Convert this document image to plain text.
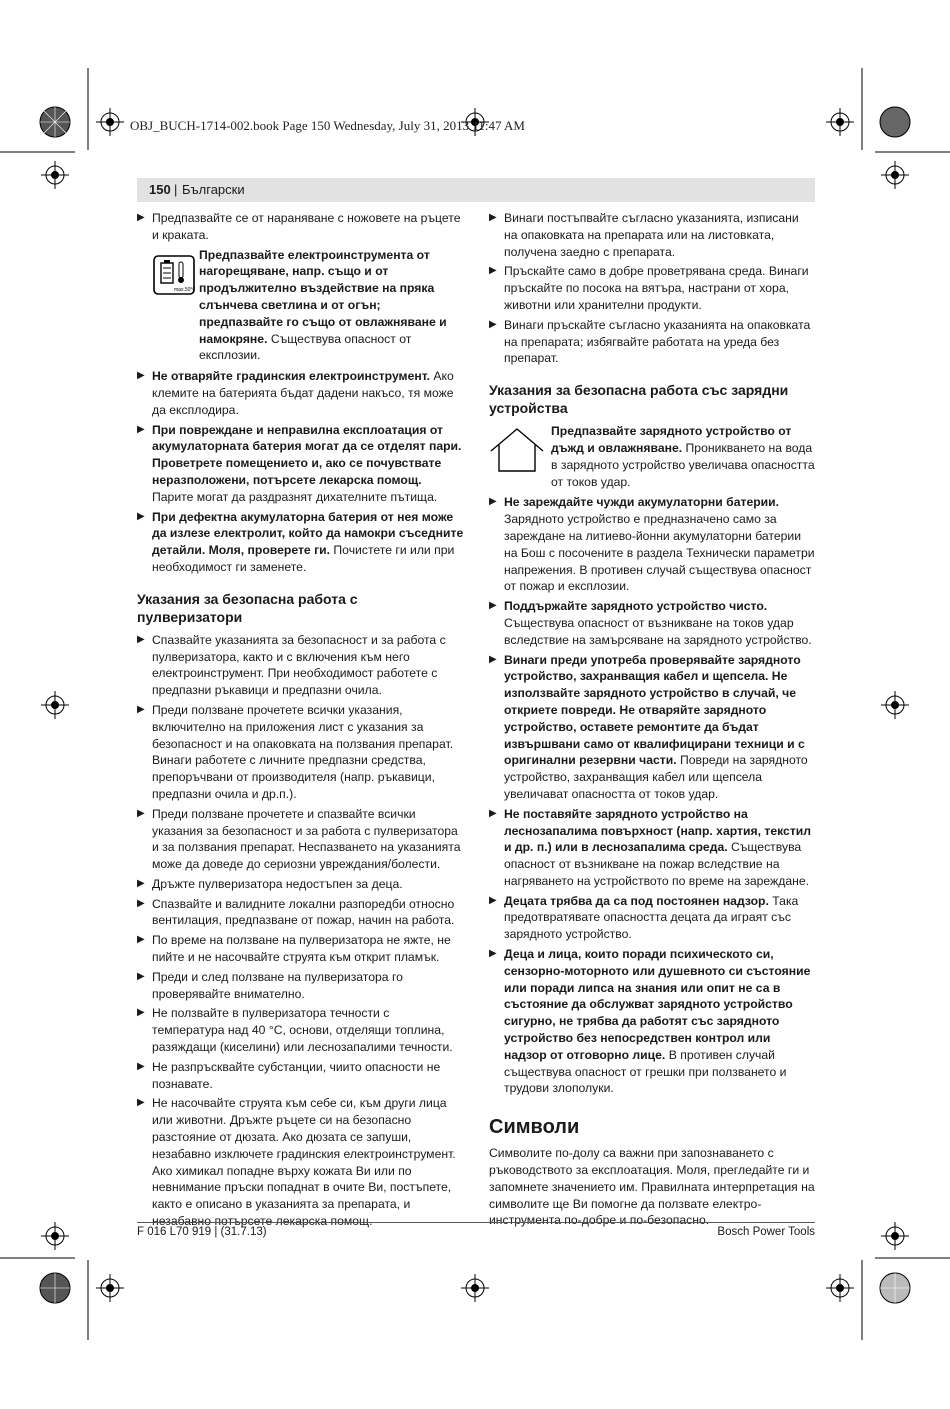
OBJ_BUCH-1714-002.book Page 150 Wednesday, July 31, 2013 11:47 AM
150 | Български
▶ Предпазвайте се от нараняване с ножовете на ръцете и краката.
max.50°C

Предпазвайте електроинструмента от нагорещяване, напр. също и от продължително въздействие на пряка слънчева светлина и от огън; предпазвайте го също от овлажняване и намокряне. Съществува опасност от експлозии.

▶ Не отваряйте градинския електроинструмент. Ако клемите на батерията бъдат дадени накъсо, тя може да експлодира.
▶ При повреждане и неправилна експлоатация от акумулаторната батерия могат да се отделят пари. Проветрете помещението и, ако се почувствате неразположени, потърсете лекарска помощ. Парите могат да раздразнят дихателните пътища.
▶ При дефектна акумулаторна батерия от нея може да излезе електролит, който да намокри съседните детайли. Моля, проверете ги. Почистете ги или при необходимост ги заменете.
Указания за безопасна работа с пулверизатори
▶ Спазвайте указанията за безопасност и за работа с пулверизатора, както и с включения към него електроинструмент. При необходимост работете с предпазни ръкавици и предпазни очила.
▶ Преди ползване прочетете всички указания, включително на приложения лист с указания за безопасност и на опаковката на ползвания препарат. Винаги работете с личните предпазни средства, препоръчвани от производителя (напр. ръкавици, предпазни очила и др.п.).
▶ Преди ползване прочетете и спазвайте всички указания за безопасност и за работа с пулверизатора и за ползвания препарат. Неспазването на указанията може да доведе до сериозни увреждания/болести.
▶ Дръжте пулверизатора недостъпен за деца.
▶ Спазвайте и валидните локални разпоредби относно вентилация, предпазване от пожар, начин на работа.
▶ По време на ползване на пулверизатора не яжте, не пийте и не насочвайте струята към открит пламък.
▶ Преди и след ползване на пулверизатора го проверявайте внимателно.
▶ Не ползвайте в пулверизатора течности с температура над 40 °C, основи, отделящи топлина, разяждащи (киселини) или леснозапалими течности.
▶ Не разпръсквайте субстанции, чиито опасности не познавате.
▶ Не насочвайте струята към себе си, към други лица или животни. Дръжте ръцете си на безопасно разстояние от дюзата. Ако дюзата се запуши, незабавно изключете градинския електроинструмент. Ако химикал попадне върху кожата Ви или по невнимание пръски попаднат в очите Ви, постъпете, както е описано в указанията за препарата, и незабавно потърсете лекарска помощ.
▶ Винаги постъпвайте съгласно указанията, изписани на опаковката на препарата или на листовката, получена заедно с препарата.
▶ Пръскайте само в добре проветрявана среда. Винаги пръскайте по посока на вятъра, настрани от хора, животни или хранителни продукти.
▶ Винаги пръскайте съгласно указанията на опаковката на препарата; избягвайте работата на уреда без препарат.
Указания за безопасна работа със зарядни устройства

Предпазвайте зарядното устройство от дъжд и овлажняване. Проникването на вода в зарядното устройство увеличава опасността от токов удар.

▶ Не зареждайте чужди акумулаторни батерии. Зарядното устройство е предназначено само за зареждане на литиево-йонни акумулаторни батерии на Бош с посочените в раздела Технически параметри напрежения. В противен случай съществува опасност от пожар и експлозии.
▶ Поддържайте зарядното устройство чисто. Съществува опасност от възникване на токов удар вследствие на замърсяване на зарядното устройство.
▶ Винаги преди употреба проверявайте зарядното устройство, захранващия кабел и щепсела. Не използвайте зарядното устройство в случай, че откриете повреди. Не отваряйте зарядното устройство, оставете ремонтите да бъдат извършвани само от квалифицирани техници и с оригинални резервни части. Повреди на зарядното устройство, захранващия кабел или щепсела увеличават опасността от токов удар.
▶ Не поставяйте зарядното устройство на леснозапалима повърхност (напр. хартия, текстил и др. п.) или в леснозапалима среда. Съществува опасност от възникване на пожар вследствие на нагряването на устройството по време на зареждане.
▶ Децата трябва да са под постоянен надзор. Така предотвратявате опасността децата да играят със зарядното устройство.
▶ Деца и лица, които поради психическото си, сензорно-моторното или душевното си състояние или поради липса на знания или опит не са в състояние да обслужват зарядното устройство сигурно, не трябва да работят със зарядното устройство без непосредствен контрол или надзор от отговорно лице. В противен случай съществува опасност от грешки при ползването и трудови злополуки.
Символи

Символите по-долу са важни при запознаването с ръководството за експлоатация. Моля, прегледайте ги и запомнете значението им. Правилната интерпретация на символите ще Ви помогне да ползвате електро-инструмента по-добре и по-безопасно.

F 016 L70 919 | (31.7.13)	Bosch Power Tools
